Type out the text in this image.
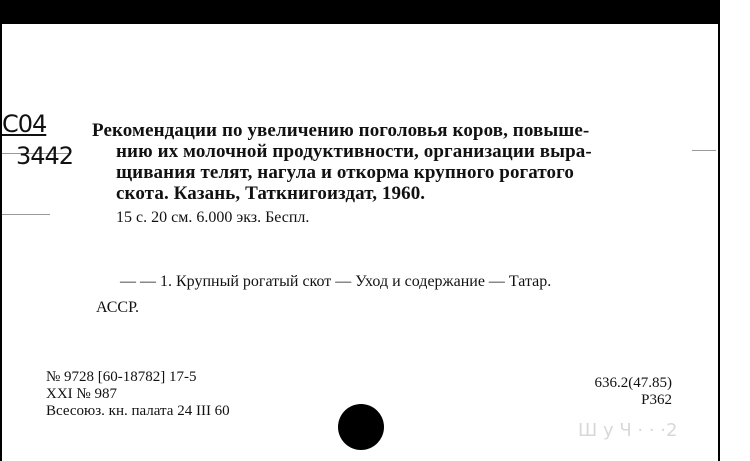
С04
3442
Рекомендации по увеличению поголовья коров, повыше-
нию их молочной продуктивности, организации выра-
щивания телят, нагула и откорма крупного рогатого
скота. Казань, Таткнигоиздат, 1960.
15 с. 20 см. 6.000 экз. Беспл.
— — 1. Крупный рогатый скот — Уход и содержание — Татар.
АССР.
№ 9728 [60-18782] 17-5
XXI № 987
Всесоюз. кн. палата 24 III 60
636.2(47.85)
Р362
Ш у Ч · · ·2
